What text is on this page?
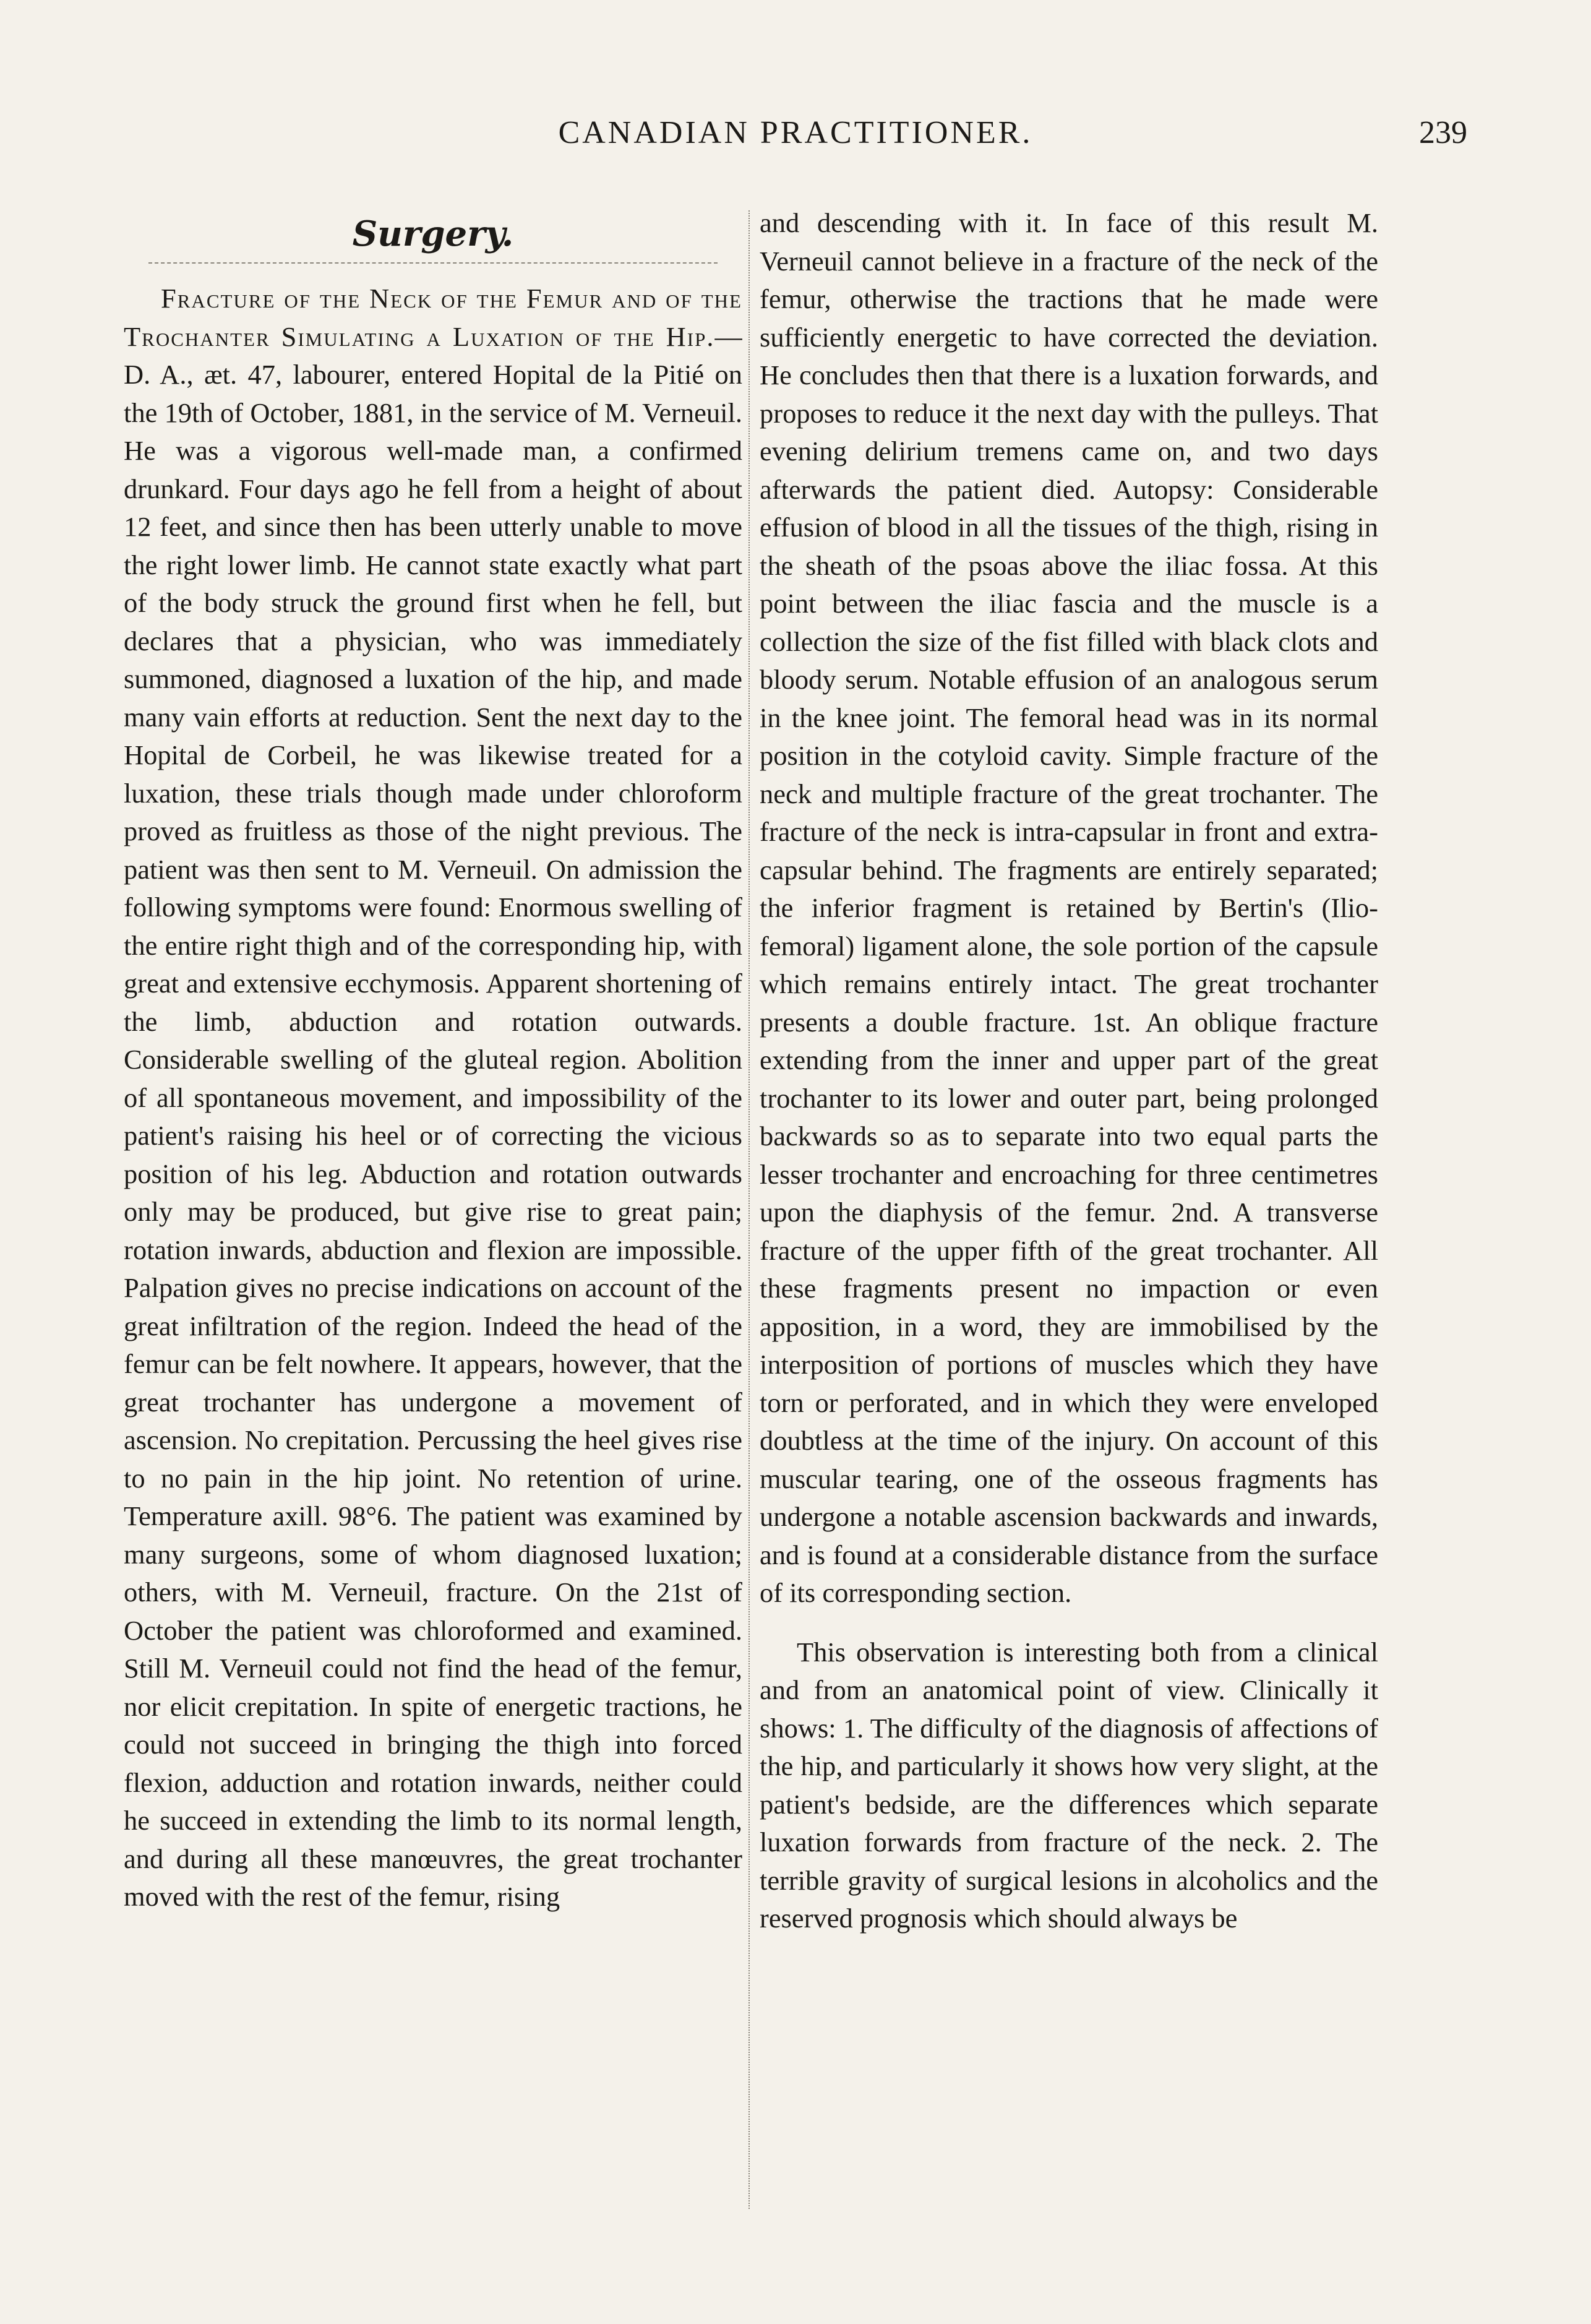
CANADIAN PRACTITIONER.	239

Surgery.

Fracture of the Neck of the Femur and of the Trochanter Simulating a Luxation of the Hip.—D. A., æt. 47, labourer, entered Hopital de la Pitié on the 19th of October, 1881, in the service of M. Verneuil. He was a vigorous well-made man, a confirmed drunkard. Four days ago he fell from a height of about 12 feet, and since then has been utterly unable to move the right lower limb. He cannot state exactly what part of the body struck the ground first when he fell, but declares that a physician, who was immediately summoned, diagnosed a luxation of the hip, and made many vain efforts at reduction. Sent the next day to the Hopital de Corbeil, he was likewise treated for a luxation, these trials though made under chloroform proved as fruitless as those of the night previous. The patient was then sent to M. Verneuil. On admission the following symptoms were found: Enormous swelling of the entire right thigh and of the corresponding hip, with great and extensive ecchymosis. Apparent shortening of the limb, abduction and rotation outwards. Considerable swelling of the gluteal region. Abolition of all spontaneous movement, and impossibility of the patient's raising his heel or of correcting the vicious position of his leg. Abduction and rotation outwards only may be produced, but give rise to great pain; rotation inwards, abduction and flexion are impossible. Palpation gives no precise indications on account of the great infiltration of the region. Indeed the head of the femur can be felt nowhere. It appears, however, that the great trochanter has undergone a movement of ascension. No crepitation. Percussing the heel gives rise to no pain in the hip joint. No retention of urine. Temperature axill. 98°6. The patient was examined by many surgeons, some of whom diagnosed luxation; others, with M. Verneuil, fracture. On the 21st of October the patient was chloroformed and examined. Still M. Verneuil could not find the head of the femur, nor elicit crepitation. In spite of energetic tractions, he could not succeed in bringing the thigh into forced flexion, adduction and rotation inwards, neither could he succeed in extending the limb to its normal length, and during all these manœuvres, the great trochanter moved with the rest of the femur, rising

and descending with it. In face of this result M. Verneuil cannot believe in a fracture of the neck of the femur, otherwise the tractions that he made were sufficiently energetic to have corrected the deviation. He concludes then that there is a luxation forwards, and proposes to reduce it the next day with the pulleys. That evening delirium tremens came on, and two days afterwards the patient died. Autopsy: Considerable effusion of blood in all the tissues of the thigh, rising in the sheath of the psoas above the iliac fossa. At this point between the iliac fascia and the muscle is a collection the size of the fist filled with black clots and bloody serum. Notable effusion of an analogous serum in the knee joint. The femoral head was in its normal position in the cotyloid cavity. Simple fracture of the neck and multiple fracture of the great trochanter. The fracture of the neck is intra-capsular in front and extra-capsular behind. The fragments are entirely separated; the inferior fragment is retained by Bertin's (Ilio-femoral) ligament alone, the sole portion of the capsule which remains entirely intact. The great trochanter presents a double fracture. 1st. An oblique fracture extending from the inner and upper part of the great trochanter to its lower and outer part, being prolonged backwards so as to separate into two equal parts the lesser trochanter and encroaching for three centimetres upon the diaphysis of the femur. 2nd. A transverse fracture of the upper fifth of the great trochanter. All these fragments present no impaction or even apposition, in a word, they are immobilised by the interposition of portions of muscles which they have torn or perforated, and in which they were enveloped doubtless at the time of the injury. On account of this muscular tearing, one of the osseous fragments has undergone a notable ascension backwards and inwards, and is found at a considerable distance from the surface of its corresponding section.

This observation is interesting both from a clinical and from an anatomical point of view. Clinically it shows: 1. The difficulty of the diagnosis of affections of the hip, and particularly it shows how very slight, at the patient's bedside, are the differences which separate luxation forwards from fracture of the neck. 2. The terrible gravity of surgical lesions in alcoholics and the reserved prognosis which should always be
